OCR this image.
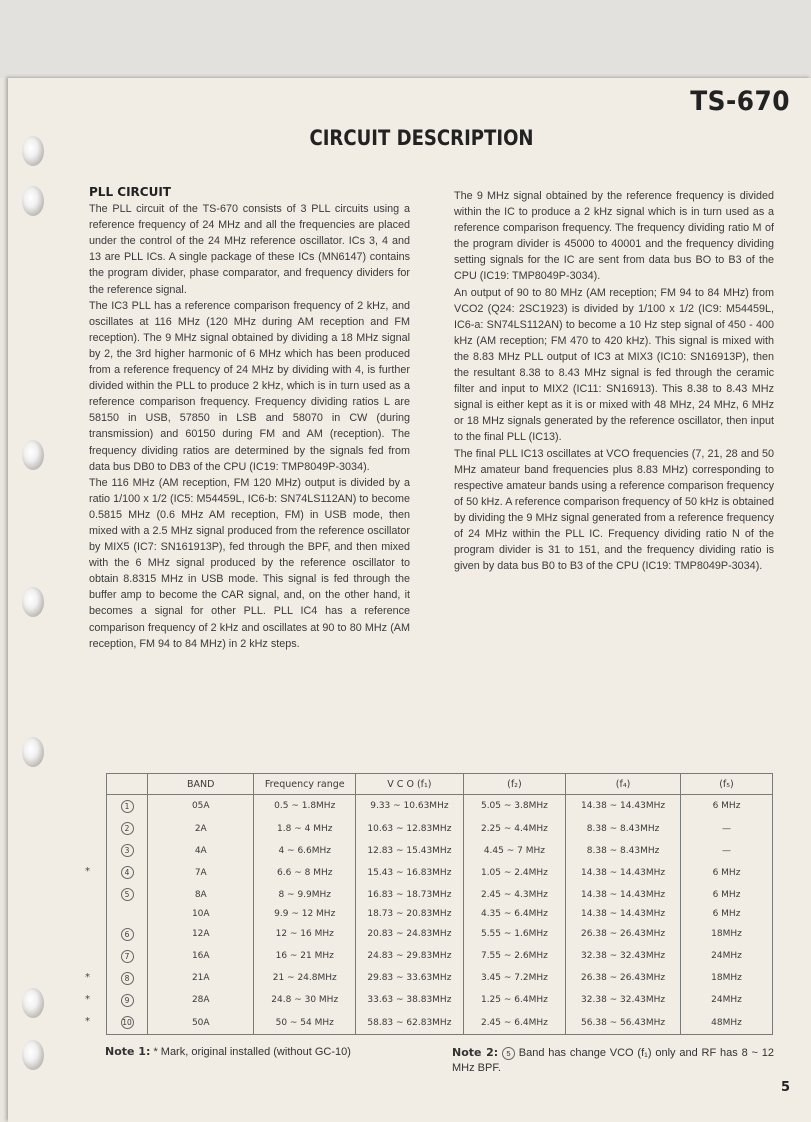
TS-670
CIRCUIT DESCRIPTION

PLL CIRCUIT

The PLL circuit of the TS-670 consists of 3 PLL circuits using a reference frequency of 24 MHz and all the frequencies are placed under the control of the 24 MHz reference oscillator. ICs 3, 4 and 13 are PLL ICs. A single package of these ICs (MN6147) contains the program divider, phase comparator, and frequency dividers for the reference signal.

The IC3 PLL has a reference comparison frequency of 2 kHz, and oscillates at 116 MHz (120 MHz during AM reception and FM reception). The 9 MHz signal obtained by dividing a 18 MHz signal by 2, the 3rd higher harmonic of 6 MHz which has been produced from a reference frequency of 24 MHz by dividing with 4, is further divided within the PLL to produce 2 kHz, which is in turn used as a reference comparison frequency. Frequency dividing ratios L are 58150 in USB, 57850 in LSB and 58070 in CW (during transmission) and 60150 during FM and AM (reception). The frequency dividing ratios are determined by the signals fed from data bus DB0 to DB3 of the CPU (IC19: TMP8049P-3034).

The 116 MHz (AM reception, FM 120 MHz) output is divided by a ratio 1/100 x 1/2 (IC5: M54459L, IC6-b: SN74LS112AN) to become 0.5815 MHz (0.6 MHz AM reception, FM) in USB mode, then mixed with a 2.5 MHz signal produced from the reference oscillator by MIX5 (IC7: SN161913P), fed through the BPF, and then mixed with the 6 MHz signal produced by the reference oscillator to obtain 8.8315 MHz in USB mode. This signal is fed through the buffer amp to become the CAR signal, and, on the other hand, it becomes a signal for other PLL. PLL IC4 has a reference comparison frequency of 2 kHz and oscillates at 90 to 80 MHz (AM reception, FM 94 to 84 MHz) in 2 kHz steps.

The 9 MHz signal obtained by the reference frequency is divided within the IC to produce a 2 kHz signal which is in turn used as a reference comparison frequency. The frequency dividing ratio M of the program divider is 45000 to 40001 and the frequency dividing setting signals for the IC are sent from data bus BO to B3 of the CPU (IC19: TMP8049P-3034).

An output of 90 to 80 MHz (AM reception; FM 94 to 84 MHz) from VCO2 (Q24: 2SC1923) is divided by 1/100 x 1/2 (IC9: M54459L, IC6-a: SN74LS112AN) to become a 10 Hz step signal of 450 - 400 kHz (AM reception; FM 470 to 420 kHz). This signal is mixed with the 8.83 MHz PLL output of IC3 at MIX3 (IC10: SN16913P), then the resultant 8.38 to 8.43 MHz signal is fed through the ceramic filter and input to MIX2 (IC11: SN16913). This 8.38 to 8.43 MHz signal is either kept as it is or mixed with 48 MHz, 24 MHz, 6 MHz or 18 MHz signals generated by the reference oscillator, then input to the final PLL (IC13).

The final PLL IC13 oscillates at VCO frequencies (7, 21, 28 and 50 MHz amateur band frequencies plus 8.83 MHz) corresponding to respective amateur bands using a reference comparison frequency of 50 kHz. A reference comparison frequency of 50 kHz is obtained by dividing the 9 MHz signal generated from a reference frequency of 24 MHz within the PLL IC. Frequency dividing ratio N of the program divider is 31 to 151, and the frequency dividing ratio is given by data bus B0 to B3 of the CPU (IC19: TMP8049P-3034).

	BAND	Frequency range	V C O (f₁)	(f₂)	(f₄)	(f₅)

1	05A	0.5 ~ 1.8MHz	9.33 ~ 10.63MHz	5.05 ~ 3.8MHz	14.38 ~ 14.43MHz	6 MHz

2	2A	1.8 ~ 4 MHz	10.63 ~ 12.83MHz	2.25 ~ 4.4MHz	8.38 ~ 8.43MHz	—

3	4A	4 ~ 6.6MHz	12.83 ~ 15.43MHz	4.45 ~ 7 MHz	8.38 ~ 8.43MHz	—

* 4	7A	6.6 ~ 8 MHz	15.43 ~ 16.83MHz	1.05 ~ 2.4MHz	14.38 ~ 14.43MHz	6 MHz

5	8A	8 ~ 9.9MHz	16.83 ~ 18.73MHz	2.45 ~ 4.3MHz	14.38 ~ 14.43MHz	6 MHz

	10A	9.9 ~ 12 MHz	18.73 ~ 20.83MHz	4.35 ~ 6.4MHz	14.38 ~ 14.43MHz	6 MHz

6	12A	12 ~ 16 MHz	20.83 ~ 24.83MHz	5.55 ~ 1.6MHz	26.38 ~ 26.43MHz	18MHz

7	16A	16 ~ 21 MHz	24.83 ~ 29.83MHz	7.55 ~ 2.6MHz	32.38 ~ 32.43MHz	24MHz

* 8	21A	21 ~ 24.8MHz	29.83 ~ 33.63MHz	3.45 ~ 7.2MHz	26.38 ~ 26.43MHz	18MHz

* 9	28A	24.8 ~ 30 MHz	33.63 ~ 38.83MHz	1.25 ~ 6.4MHz	32.38 ~ 32.43MHz	24MHz

* 10	50A	50 ~ 54 MHz	58.83 ~ 62.83MHz	2.45 ~ 6.4MHz	56.38 ~ 56.43MHz	48MHz
Note 1: * Mark, original installed (without GC-10)	Note 2: 5 Band has change VCO (f₁) only and RF has 8 ~ 12 MHz BPF.
5
